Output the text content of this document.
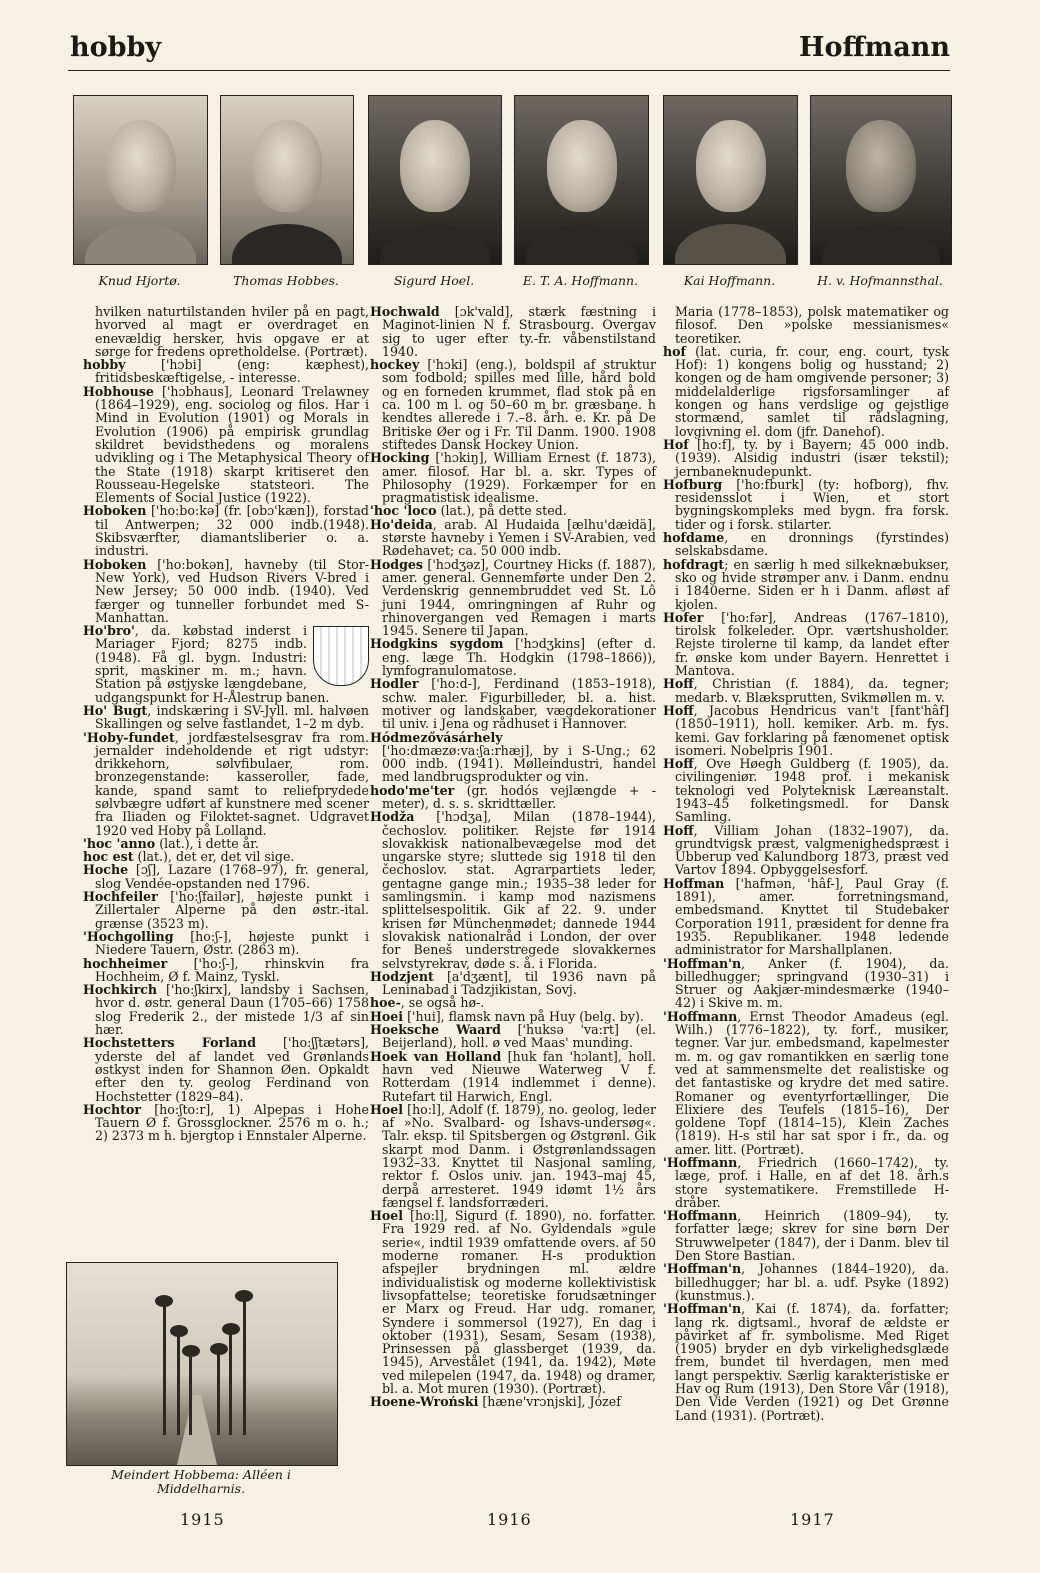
hobby	Hoffmann
Knud Hjortø.	Thomas Hobbes.	Sigurd Hoel.	E. T. A. Hoffmann.	Kai Hoffmann.	H. v. Hofmannsthal.

hvilken naturtilstanden hviler på en pagt, hvorved al magt er overdraget en enevældig hersker, hvis opgave er at sørge for fredens opretholdelse. (Portræt).

hobby ['hɔbi] (eng: kæphest), fritidsbeskæftigelse, - interesse.

Hobhouse ['hɔbhaus], Leonard Trelawney (1864–1929), eng. sociolog og filos. Har i Mind in Evolution (1901) og Morals in Evolution (1906) på empirisk grundlag skildret bevidsthedens og moralens udvikling og i The Metaphysical Theory of the State (1918) skarpt kritiseret den Rousseau-Hegelske statsteori. The Elements of Social Justice (1922).

Hoboken ['ho:bo:kə] (fr. [obɔ'kæn]), forstad til Antwerpen; 32 000 indb.(1948). Skibsværfter, diamantsliberier o. a. industri.

Hoboken ['ho:bokən], havneby (til Stor-New York), ved Hudson Rivers V-bred i New Jersey; 50 000 indb. (1940). Ved færger og tunneller forbundet med S-Manhattan.

Ho'bro', da. købstad inderst i Mariager Fjord; 8275 indb. (1948). Få gl. bygn. Industri: sprit, maskiner m. m.; havn. Station på østjyske længdebane, udgangspunkt for H-Ålestrup banen.

Ho' Bugt, indskæring i SV-Jyll. ml. halvøen Skallingen og selve fastlandet, 1–2 m dyb.

'Hoby-fundet, jordfæstelsesgrav fra rom. jernalder indeholdende et rigt udstyr: drikkehorn, sølvfibulaer, rom. bronzegenstande: kasseroller, fade, kande, spand samt to reliefprydede sølvbægre udført af kunstnere med scener fra Iliaden og Filoktet-sagnet. Udgravet 1920 ved Hoby på Lolland.

'hoc 'anno (lat.), i dette år.

hoc est (lat.), det er, det vil sige.

Hoche [ɔʃ], Lazare (1768–97), fr. general, slog Vendée-opstanden ned 1796.

Hochfeiler ['ho:ʃfailər], højeste punkt i Zillertaler Alperne på den østr.-ital. grænse (3523 m).

'Hochgolling [ho:ʃ-], højeste punkt i Niedere Tauern, Østr. (2863 m).

hochheimer ['ho:ʃ-], rhinskvin fra Hochheim, Ø f. Mainz, Tyskl.

Hochkirch ['ho:ʃkirx], landsby i Sachsen, hvor d. østr. general Daun (1705–66) 1758 slog Frederik 2., der mistede 1/3 af sin hær.

Hochstetters Forland ['ho:ʃʃtætərs], yderste del af landet ved Grønlands østkyst inden for Shannon Øen. Opkaldt efter den ty. geolog Ferdinand von Hochstetter (1829–84).

Hochtor [ho:ʃto:r], 1) Alpepas i Hohe Tauern Ø f. Grossglockner. 2576 m o. h.; 2) 2373 m h. bjergtop i Ennstaler Alperne.

Hochwald [ɔk'vald], stærk fæstning i Maginot-linien N f. Strasbourg. Overgav sig to uger efter ty.-fr. våbenstilstand 1940.

hockey ['hɔki] (eng.), boldspil af struktur som fodbold; spilles med lille, hård bold og en forneden krummet, flad stok på en ca. 100 m l. og 50–60 m br. græsbane. h kendtes allerede i 7.–8. årh. e. Kr. på De Britiske Øer og i Fr. Til Danm. 1900. 1908 stiftedes Dansk Hockey Union.

Hocking ['hɔkiŋ], William Ernest (f. 1873), amer. filosof. Har bl. a. skr. Types of Philosophy (1929). Forkæmper for en pragmatistisk idealisme.

'hoc 'loco (lat.), på dette sted.

Ho'deida, arab. Al Hudaida [ælhu'dæidä], største havneby i Yemen i SV-Arabien, ved Rødehavet; ca. 50 000 indb.

Hodges ['hɔdʒəz], Courtney Hicks (f. 1887), amer. general. Gennemførte under Den 2. Verdenskrig gennembruddet ved St. Lô juni 1944, omringningen af Ruhr og rhinovergangen ved Remagen i marts 1945. Senere til Japan.

Hodgkins sygdom ['hɔdʒkins] (efter d. eng. læge Th. Hodgkin (1798–1866)), lymfogranulomatose.

Hodler ['ho:d-], Ferdinand (1853–1918), schw. maler. Figurbilleder, bl. a. hist. motiver og landskaber, vægdekorationer til univ. i Jena og rådhuset i Hannover.

Hódmezővásárhely ['ho:dmæzø:va:ʃa:rhæj], by i S-Ung.; 62 000 indb. (1941). Mølleindustri, handel med landbrugsprodukter og vin.

hodo'me'ter (gr. hodós vejlængde + -meter), d. s. s. skridttæller.

Hodža ['hɔdʒa], Milan (1878–1944), čechoslov. politiker. Rejste før 1914 slovakkisk nationalbevægelse mod det ungarske styre; sluttede sig 1918 til den čechoslov. stat. Agrarpartiets leder, gentagne gange min.; 1935–38 leder for samlingsmin. i kamp mod nazismens splittelsespolitik. Gik af 22. 9. under krisen før Münchenmødet; dannede 1944 slovakisk nationalråd i London, der over for Beneš understregede slovakkernes selvstyrekrav, døde s. å. i Florida.

Hodzjent [a'dʒænt], til 1936 navn på Leninabad i Tadzjikistan, Sovj.

hoe-, se også hø-.

Hoei ['hui], flamsk navn på Huy (belg. by).

Hoeksche Waard ['huksə 'va:rt] (el. Beijerland), holl. ø ved Maas' munding.

Hoek van Holland [huk fan 'hɔlant], holl. havn ved Nieuwe Waterweg V f. Rotterdam (1914 indlemmet i denne). Rutefart til Harwich, Engl.

Hoel [ho:l], Adolf (f. 1879), no. geolog, leder af »No. Svalbard- og Ishavs-undersøg«. Talr. eksp. til Spitsbergen og Østgrønl. Gik skarpt mod Danm. i Østgrønlandssagen 1932–33. Knyttet til Nasjonal samling, rektor f. Oslos univ. jan. 1943–maj 45, derpå arresteret. 1949 idømt 1½ års fængsel f. landsforræderi.

Hoel [ho:l], Sigurd (f. 1890), no. forfatter. Fra 1929 red. af No. Gyldendals »gule serie«, indtil 1939 omfattende overs. af 50 moderne romaner. H-s produktion afspejler brydningen ml. ældre individualistisk og moderne kollektivistisk livsopfattelse; teoretiske forudsætninger er Marx og Freud. Har udg. romaner, Syndere i sommersol (1927), En dag i oktober (1931), Sesam, Sesam (1938), Prinsessen på glassberget (1939, da. 1945), Arvestålet (1941, da. 1942), Møte ved milepelen (1947, da. 1948) og dramer, bl. a. Mot muren (1930). (Portræt).

Hoene-Wroński [hæne'vrɔnjski], Józef

Maria (1778–1853), polsk matematiker og filosof. Den »polske messianismes« teoretiker.

hof (lat. curia, fr. cour, eng. court, tysk Hof): 1) kongens bolig og husstand; 2) kongen og de ham omgivende personer; 3) middelalderlige rigsforsamlinger af kongen og hans verdslige og gejstlige stormænd, samlet til rådslagning, lovgivning el. dom (jfr. Danehof).

Hof [ho:f], ty. by i Bayern; 45 000 indb. (1939). Alsidig industri (især tekstil); jernbaneknudepunkt.

Hofburg ['ho:fburk] (ty: hofborg), fhv. residensslot i Wien, et stort bygningskompleks med bygn. fra forsk. tider og i forsk. stilarter.

hofdame, en dronnings (fyrstindes) selskabsdame.

hofdragt; en særlig h med silkeknæbukser, sko og hvide strømper anv. i Danm. endnu i 1840erne. Siden er h i Danm. afløst af kjolen.

Hofer ['ho:fər], Andreas (1767–1810), tirolsk folkeleder. Opr. værtshusholder. Rejste tirolerne til kamp, da landet efter fr. ønske kom under Bayern. Henrettet i Mantova.

Hoff, Christian (f. 1884), da. tegner; medarb. v. Blæksprutten, Svikmøllen m. v.

Hoff, Jacobus Hendricus van't [fant'hâf] (1850–1911), holl. kemiker. Arb. m. fys. kemi. Gav forklaring på fænomenet optisk isomeri. Nobelpris 1901.

Hoff, Ove Høegh Guldberg (f. 1905), da. civilingeniør. 1948 prof. i mekanisk teknologi ved Polyteknisk Læreanstalt. 1943–45 folketingsmedl. for Dansk Samling.

Hoff, Villiam Johan (1832–1907), da. grundtvigsk præst, valgmenighedspræst i Ubberup ved Kalundborg 1873, præst ved Vartov 1894. Opbyggelsesforf.

Hoffman ['hafmən, 'hâf-], Paul Gray (f. 1891), amer. forretningsmand, embedsmand. Knyttet til Studebaker Corporation 1911, præsident for denne fra 1935. Republikaner. 1948 ledende administrator for Marshallplanen.

'Hoffman'n, Anker (f. 1904), da. billedhugger; springvand (1930–31) i Struer og Aakjær-mindesmærke (1940–42) i Skive m. m.

'Hoffmann, Ernst Theodor Amadeus (egl. Wilh.) (1776–1822), ty. forf., musiker, tegner. Var jur. embedsmand, kapelmester m. m. og gav romantikken en særlig tone ved at sammensmelte det realistiske og det fantastiske og krydre det med satire. Romaner og eventyrfortællinger, Die Elixiere des Teufels (1815–16), Der goldene Topf (1814–15), Klein Zaches (1819). H-s stil har sat spor i fr., da. og amer. litt. (Portræt).

'Hoffmann, Friedrich (1660–1742), ty. læge, prof. i Halle, en af det 18. årh.s store systematikere. Fremstillede H-dråber.

'Hoffmann, Heinrich (1809–94), ty. forfatter læge; skrev for sine børn Der Struwwelpeter (1847), der i Danm. blev til Den Store Bastian.

'Hoffman'n, Johannes (1844–1920), da. billedhugger; har bl. a. udf. Psyke (1892) (kunstmus.).

'Hoffman'n, Kai (f. 1874), da. forfatter; lang rk. digtsaml., hvoraf de ældste er påvirket af fr. symbolisme. Med Riget (1905) bryder en dyb virkelighedsglæde frem, bundet til hverdagen, men med langt perspektiv. Særlig karakteristiske er Hav og Rum (1913), Den Store Vår (1918), Den Vide Verden (1921) og Det Grønne Land (1931). (Portræt).

Meindert Hobbema: Alléen i
Middelharnis.
1915	1916	1917
